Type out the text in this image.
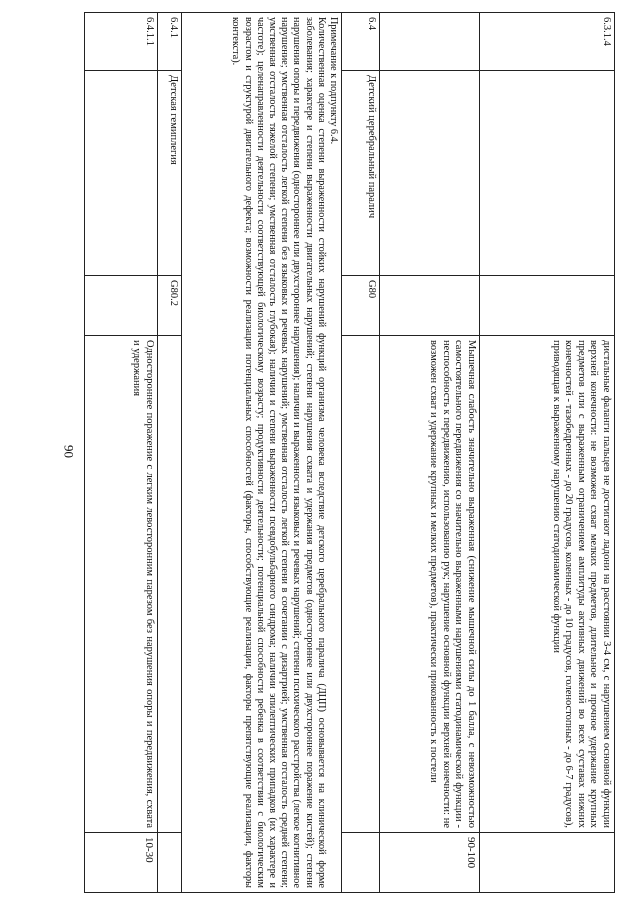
90
6.3.1.4			дистальные фаланги пальцев не достигают ладони на расстоянии 3-4 см, с нарушением основной функции верхней конечности: не возможен схват мелких предметов, длительное и прочное удержание крупных предметов или с выраженным ограничением амплитуды активных движений во всех суставах нижних конечностей - тазобедренных - до 20 градусов, коленных - до 10 градусов, голеностопных - до 6-7 градусов), приводящая к выраженному нарушению статодинамической функции	
			Мышечная слабость значительно выраженная (снижение мышечной силы до 1 балла, с невозможностью самостоятельного передвижения со значительно выраженными нарушениями статодинамической функции - неспособность к передвижению, использованию рук; нарушение основной функции верхней конечности: не возможен схват и удержание крупных и мелких предметов), практически прикованность к постели	90-100
6.4	Детский церебральный паралич	G80		

Примечание к подпункту 6.4.
Количественная оценка степени выраженности стойких нарушений функций организма человека вследствие детского церебрального паралича (ДЦП) основывается на клинической форме заболевания; характере и степени выраженности двигательных нарушений; степени нарушения схвата и удержания предметов (одностороннее или двухстороннее поражение кистей); степени нарушения опоры и передвижения (одностороннее или двухстороннее нарушения); наличии и выраженности языковых и речевых нарушений; степени психического расстройства (легкое когнитивное нарушение; умственная отсталость легкой степени без языковых и речевых нарушений; умственная отсталость легкой степени в сочетании с дизартрией; умственная отсталость средней степени; умственная отсталость тяжелой степени; умственная отсталость глубокая); наличии и степени выраженности псевдобульбарного синдрома; наличии эпилептических припадков (их характере и частоте); целенаправленности деятельности соответствующей биологическому возрасту; продуктивности деятельности; потенциальной способности ребенка в соответствии с биологическим возрастом и структурой двигательного дефекта; возможности реализации потенциальных способностей (факторы, способствующие реализации, факторы препятствующие реализации, факторы контекста).				
6.4.1	Детская гемиплегия	G80.2		
6.4.1.1			Одностороннее поражение с легким левосторонним парезом без нарушения опоры и передвижения, схвата и удержания	10-30
